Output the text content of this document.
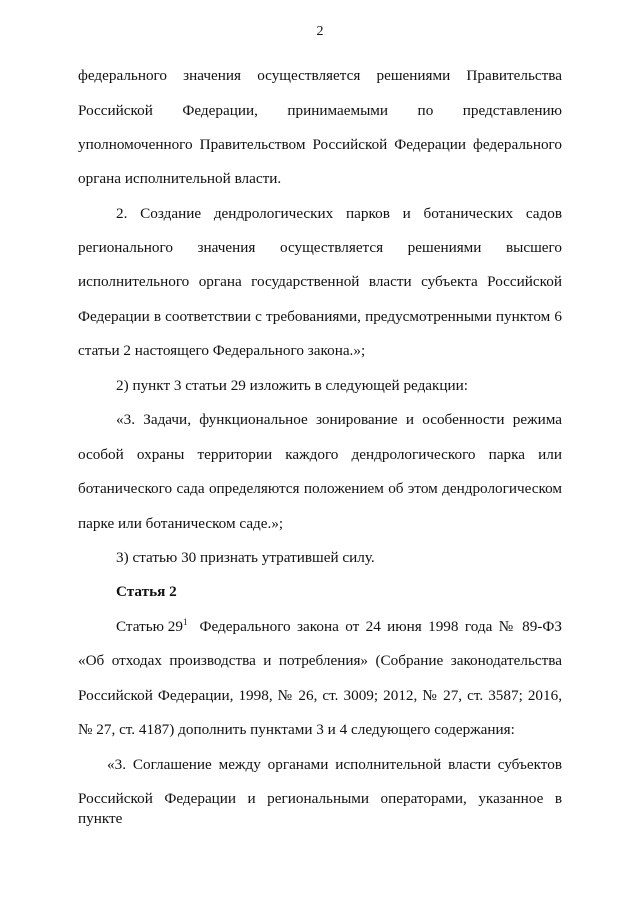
2
федерального значения осуществляется решениями Правительства
Российской Федерации, принимаемыми по представлению
уполномоченного Правительством Российской Федерации федерального
органа исполнительной власти.
2. Создание дендрологических парков и ботанических садов
регионального значения осуществляется решениями высшего
исполнительного органа государственной власти субъекта Российской
Федерации в соответствии с требованиями, предусмотренными пунктом 6
статьи 2 настоящего Федерального закона.»;
2) пункт 3 статьи 29 изложить в следующей редакции:
«3. Задачи, функциональное зонирование и особенности режима
особой охраны территории каждого дендрологического парка или
ботанического сада определяются положением об этом дендрологическом
парке или ботаническом саде.»;
3) статью 30 признать утратившей силу.
Статья 2
Статью $29^1$ Федерального закона от 24 июня 1998 года № 89-ФЗ
«Об отходах производства и потребления» (Собрание законодательства
Российской Федерации, 1998, № 26, ст. 3009; 2012, № 27, ст. 3587; 2016,
№ 27, ст. 4187) дополнить пунктами 3 и 4 следующего содержания:
«3. Соглашение между органами исполнительной власти субъектов
Российской Федерации и региональными операторами, указанное в пункте
